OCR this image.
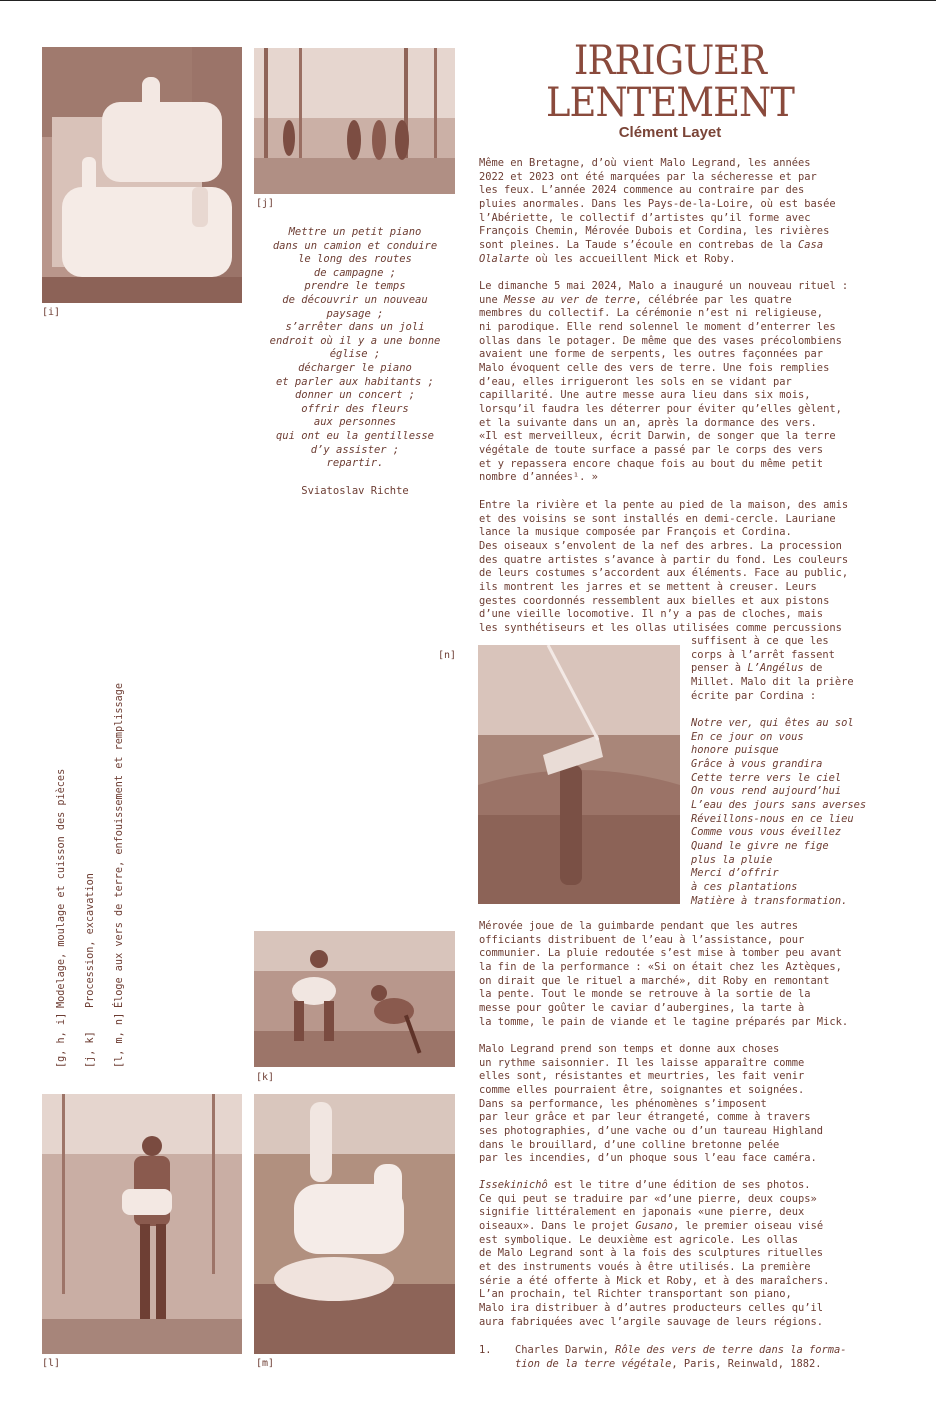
[i]
[j]
Mettre un petit piano
dans un camion et conduire
le long des routes
de campagne ;
prendre le temps
de découvrir un nouveau
paysage ;
s’arrêter dans un joli
endroit où il y a une bonne
église ;
décharger le piano
et parler aux habitants ;
donner un concert ;
offrir des fleurs
aux personnes
qui ont eu la gentillesse
d’y assister ;
repartir.
Sviatoslav Richte
[n]

[g, h, i]Modelage, moulage et cuisson des pièces

[j, k]Procession, excavation

[l, m, n]Éloge aux vers de terre, enfouissement et remplissage

[k]
[l]	[m]
IRRIGUER
LENTEMENT
Clément Layet
Même en Bretagne, d’où vient Malo Legrand, les années
2022 et 2023 ont été marquées par la sécheresse et par
les feux. L’année 2024 commence au contraire par des
pluies anormales. Dans les Pays-de-la-Loire, où est basée
l’Abériette, le collectif d’artistes qu’il forme avec
François Chemin, Mérovée Dubois et Cordina, les rivières
sont pleines. La Taude s’écoule en contrebas de la Casa
Olalarte où les accueillent Mick et Roby.
Le dimanche 5 mai 2024, Malo a inauguré un nouveau rituel :
une Messe au ver de terre, célébrée par les quatre
membres du collectif. La cérémonie n’est ni religieuse,
ni parodique. Elle rend solennel le moment d’enterrer les
ollas dans le potager. De même que des vases précolombiens
avaient une forme de serpents, les outres façonnées par
Malo évoquent celle des vers de terre. Une fois remplies
d’eau, elles irrigueront les sols en se vidant par
capillarité. Une autre messe aura lieu dans six mois,
lorsqu’il faudra les déterrer pour éviter qu’elles gèlent,
et la suivante dans un an, après la dormance des vers.
«Il est merveilleux, écrit Darwin, de songer que la terre
végétale de toute surface a passé par le corps des vers
et y repassera encore chaque fois au bout du même petit
nombre d’années¹. »
Entre la rivière et la pente au pied de la maison, des amis
et des voisins se sont installés en demi-cercle. Lauriane
lance la musique composée par François et Cordina.
Des oiseaux s’envolent de la nef des arbres. La procession
des quatre artistes s’avance à partir du fond. Les couleurs
de leurs costumes s’accordent aux éléments. Face au public,
ils montrent les jarres et se mettent à creuser. Leurs
gestes coordonnés ressemblent aux bielles et aux pistons
d’une vieille locomotive. Il n’y a pas de cloches, mais
les synthétiseurs et les ollas utilisées comme percussions
suffisent à ce que les
corps à l’arrêt fassent
penser à L’Angélus de
Millet. Malo dit la prière
écrite par Cordina :
Notre ver, qui êtes au sol
En ce jour on vous
honore puisque
Grâce à vous grandira
Cette terre vers le ciel
On vous rend aujourd’hui
L’eau des jours sans averses
Réveillons-nous en ce lieu
Comme vous vous éveillez
Quand le givre ne fige
plus la pluie
Merci d’offrir
à ces plantations
Matière à transformation.
Mérovée joue de la guimbarde pendant que les autres
officiants distribuent de l’eau à l’assistance, pour
communier. La pluie redoutée s’est mise à tomber peu avant
la fin de la performance : «Si on était chez les Aztèques,
on dirait que le rituel a marché», dit Roby en remontant
la pente. Tout le monde se retrouve à la sortie de la
messe pour goûter le caviar d’aubergines, la tarte à
la tomme, le pain de viande et le tagine préparés par Mick.
Malo Legrand prend son temps et donne aux choses
un rythme saisonnier. Il les laisse apparaître comme
elles sont, résistantes et meurtries, les fait venir
comme elles pourraient être, soignantes et soignées.
Dans sa performance, les phénomènes s’imposent
par leur grâce et par leur étrangeté, comme à travers
ses photographies, d’une vache ou d’un taureau Highland
dans le brouillard, d’une colline bretonne pelée
par les incendies, d’un phoque sous l’eau face caméra.
Issekinichô est le titre d’une édition de ses photos.
Ce qui peut se traduire par «d’une pierre, deux coups»
signifie littéralement en japonais «une pierre, deux
oiseaux». Dans le projet Gusano, le premier oiseau visé
est symbolique. Le deuxième est agricole. Les ollas
de Malo Legrand sont à la fois des sculptures rituelles
et des instruments voués à être utilisés. La première
série a été offerte à Mick et Roby, et à des maraîchers.
L’an prochain, tel Richter transportant son piano,
Malo ira distribuer à d’autres producteurs celles qu’il
aura fabriquées avec l’argile sauvage de leurs régions.
1. Charles Darwin, Rôle des vers de terre dans la forma-
tion de la terre végétale, Paris, Reinwald, 1882.
